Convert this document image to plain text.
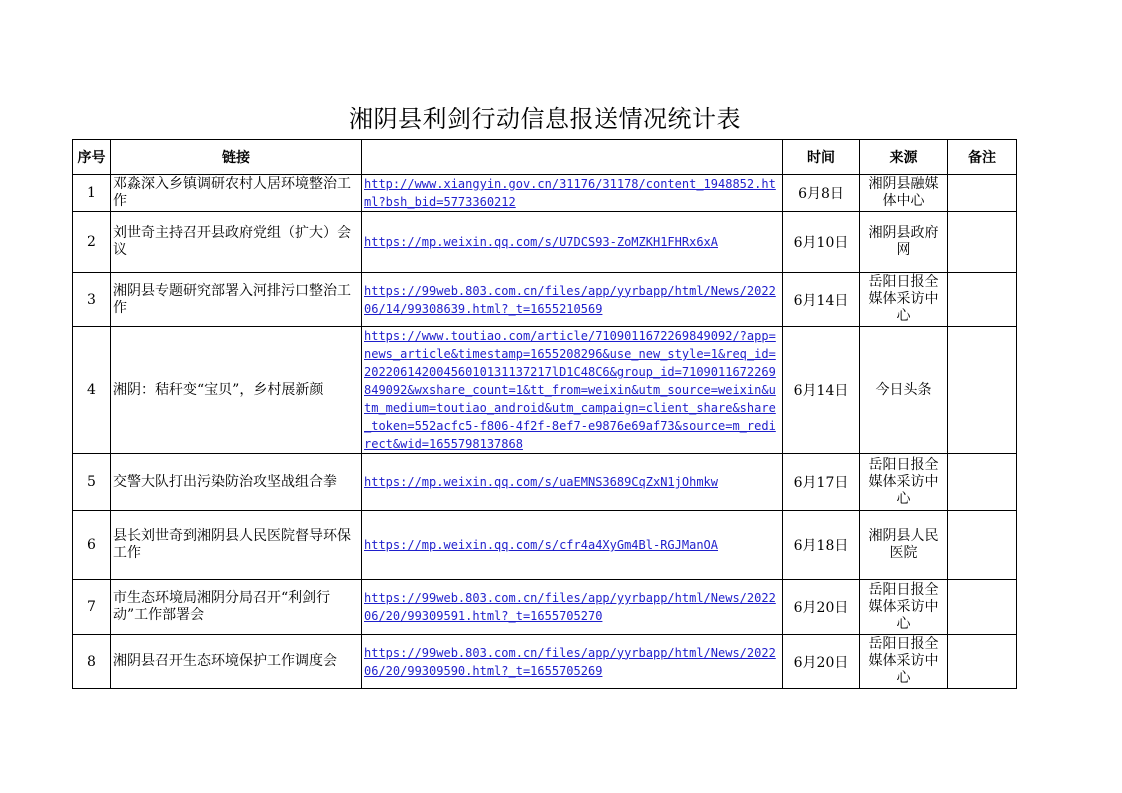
湘阴县利剑行动信息报送情况统计表
序号	链接		时间	来源	备注
1	邓淼深入乡镇调研农村人居环境整治工作	http://www.xiangyin.gov.cn/31176/31178/content_1948852.html?bsh_bid=5773360212	6月8日	湘阴县融媒体中心	
2	刘世奇主持召开县政府党组（扩大）会议	https://mp.weixin.qq.com/s/U7DCS93-ZoMZKH1FHRx6xA	6月10日	湘阴县政府网	
3	湘阴县专题研究部署入河排污口整治工作	https://99web.803.com.cn/files/app/yyrbapp/html/News/202206/14/99308639.html?_t=1655210569	6月14日	岳阳日报全媒体采访中心	
4	湘阴：秸秆变“宝贝”，乡村展新颜	https://www.toutiao.com/article/7109011672269849092/?app=news_article&timestamp=1655208296&use_new_style=1&req_id=20220614200456010131137217lD1C48C6&group_id=7109011672269849092&wxshare_count=1&tt_from=weixin&utm_source=weixin&utm_medium=toutiao_android&utm_campaign=client_share&share_token=552acfc5-f806-4f2f-8ef7-e9876e69af73&source=m_redirect&wid=1655798137868	6月14日	今日头条	
5	交警大队打出污染防治攻坚战组合拳	https://mp.weixin.qq.com/s/uaEMNS3689CqZxN1jOhmkw	6月17日	岳阳日报全媒体采访中心	
6	县长刘世奇到湘阴县人民医院督导环保工作	https://mp.weixin.qq.com/s/cfr4a4XyGm4Bl-RGJManOA	6月18日	湘阴县人民医院	
7	市生态环境局湘阴分局召开“利剑行动”工作部署会	https://99web.803.com.cn/files/app/yyrbapp/html/News/202206/20/99309591.html?_t=1655705270	6月20日	岳阳日报全媒体采访中心	
8	湘阴县召开生态环境保护工作调度会	https://99web.803.com.cn/files/app/yyrbapp/html/News/202206/20/99309590.html?_t=1655705269	6月20日	岳阳日报全媒体采访中心	
